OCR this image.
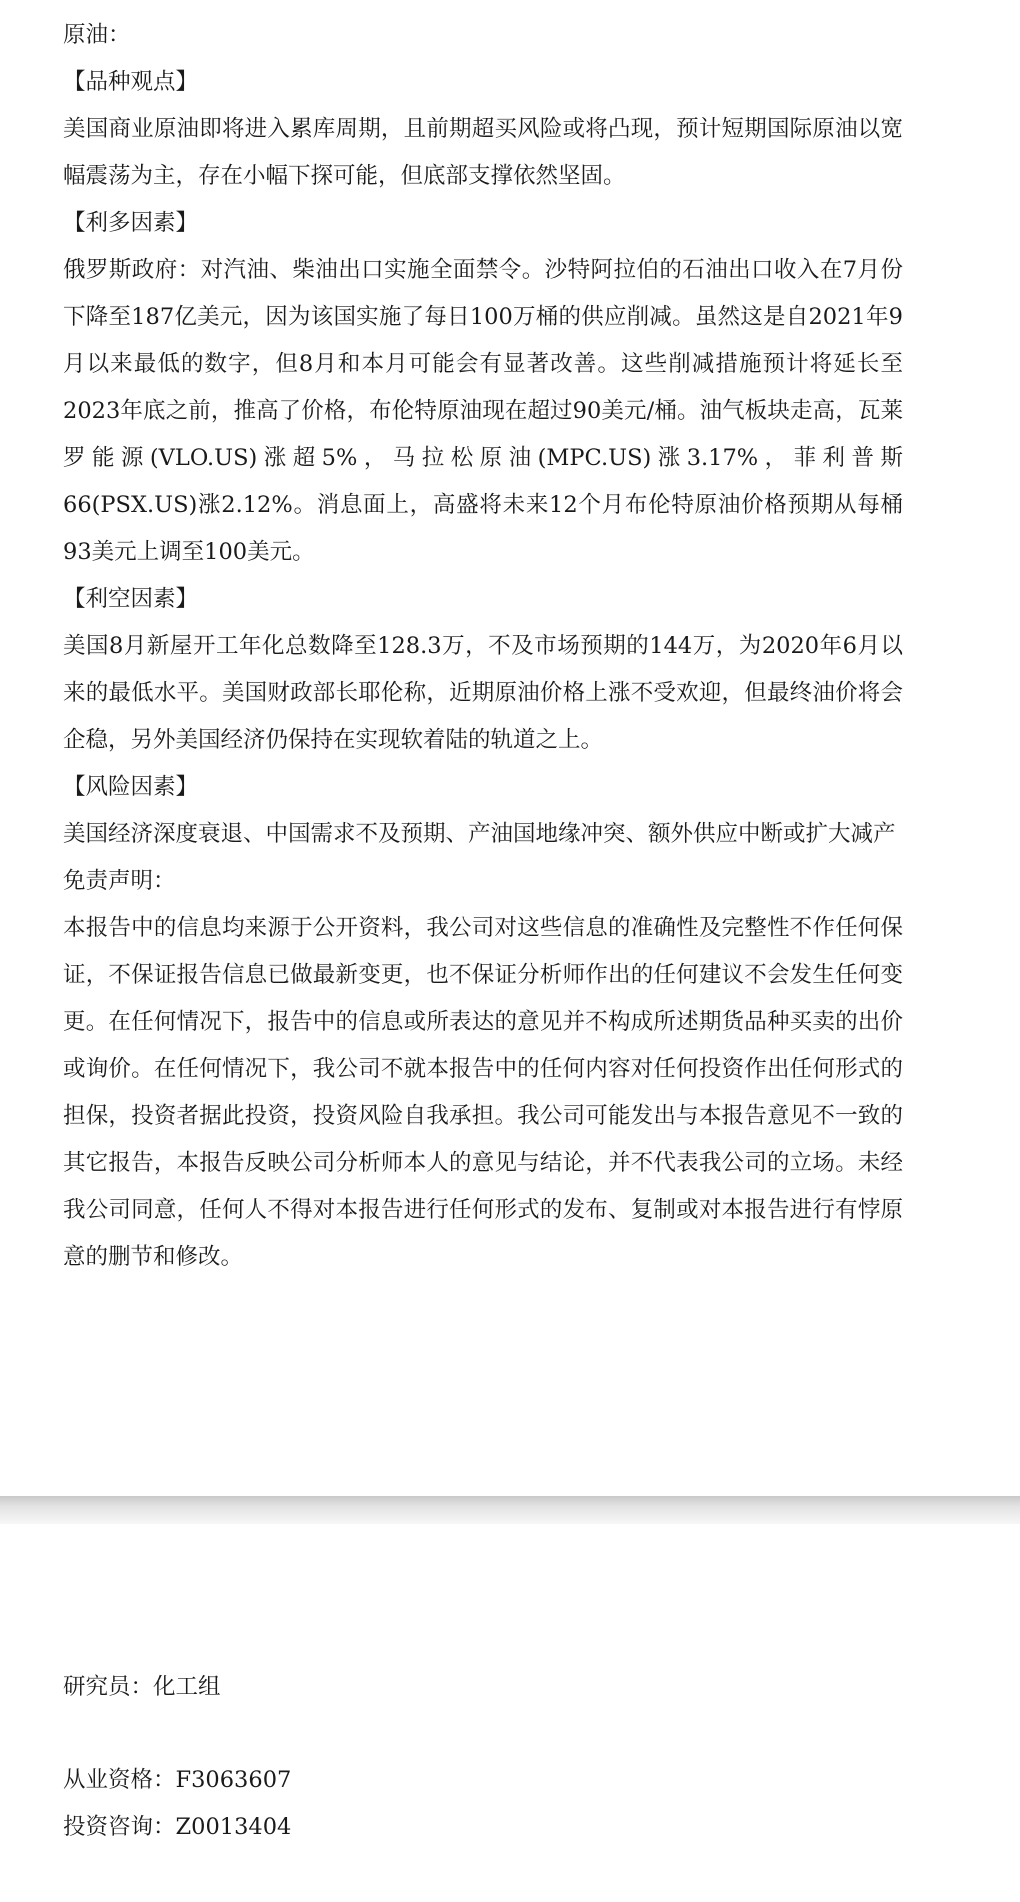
原油：

【品种观点】

美国商业原油即将进入累库周期，且前期超买风险或将凸现，预计短期国际原油以宽幅震荡为主，存在小幅下探可能，但底部支撑依然坚固。

【利多因素】

俄罗斯政府：对汽油、柴油出口实施全面禁令。沙特阿拉伯的石油出口收入在7月份下降至187亿美元，因为该国实施了每日100万桶的供应削减。虽然这是自2021年9月以来最低的数字，但8月和本月可能会有显著改善。这些削减措施预计将延长至2023年底之前，推高了价格，布伦特原油现在超过90美元/桶。油气板块走高，瓦莱罗能源(VLO.US)涨超5%，马拉松原油(MPC.US)涨3.17%，菲利普斯66(PSX.US)涨2.12%。消息面上，高盛将未来12个月布伦特原油价格预期从每桶93美元上调至100美元。

【利空因素】

美国8月新屋开工年化总数降至128.3万，不及市场预期的144万，为2020年6月以来的最低水平。美国财政部长耶伦称，近期原油价格上涨不受欢迎，但最终油价将会企稳，另外美国经济仍保持在实现软着陆的轨道之上。

【风险因素】

美国经济深度衰退、中国需求不及预期、产油国地缘冲突、额外供应中断或扩大减产

免责声明：

本报告中的信息均来源于公开资料，我公司对这些信息的准确性及完整性不作任何保证，不保证报告信息已做最新变更，也不保证分析师作出的任何建议不会发生任何变更。在任何情况下，报告中的信息或所表达的意见并不构成所述期货品种买卖的出价或询价。在任何情况下，我公司不就本报告中的任何内容对任何投资作出任何形式的担保，投资者据此投资，投资风险自我承担。我公司可能发出与本报告意见不一致的其它报告，本报告反映公司分析师本人的意见与结论，并不代表我公司的立场。未经我公司同意，任何人不得对本报告进行任何形式的发布、复制或对本报告进行有悖原意的删节和修改。

研究员：化工组
从业资格：F3063607
投资咨询：Z0013404
